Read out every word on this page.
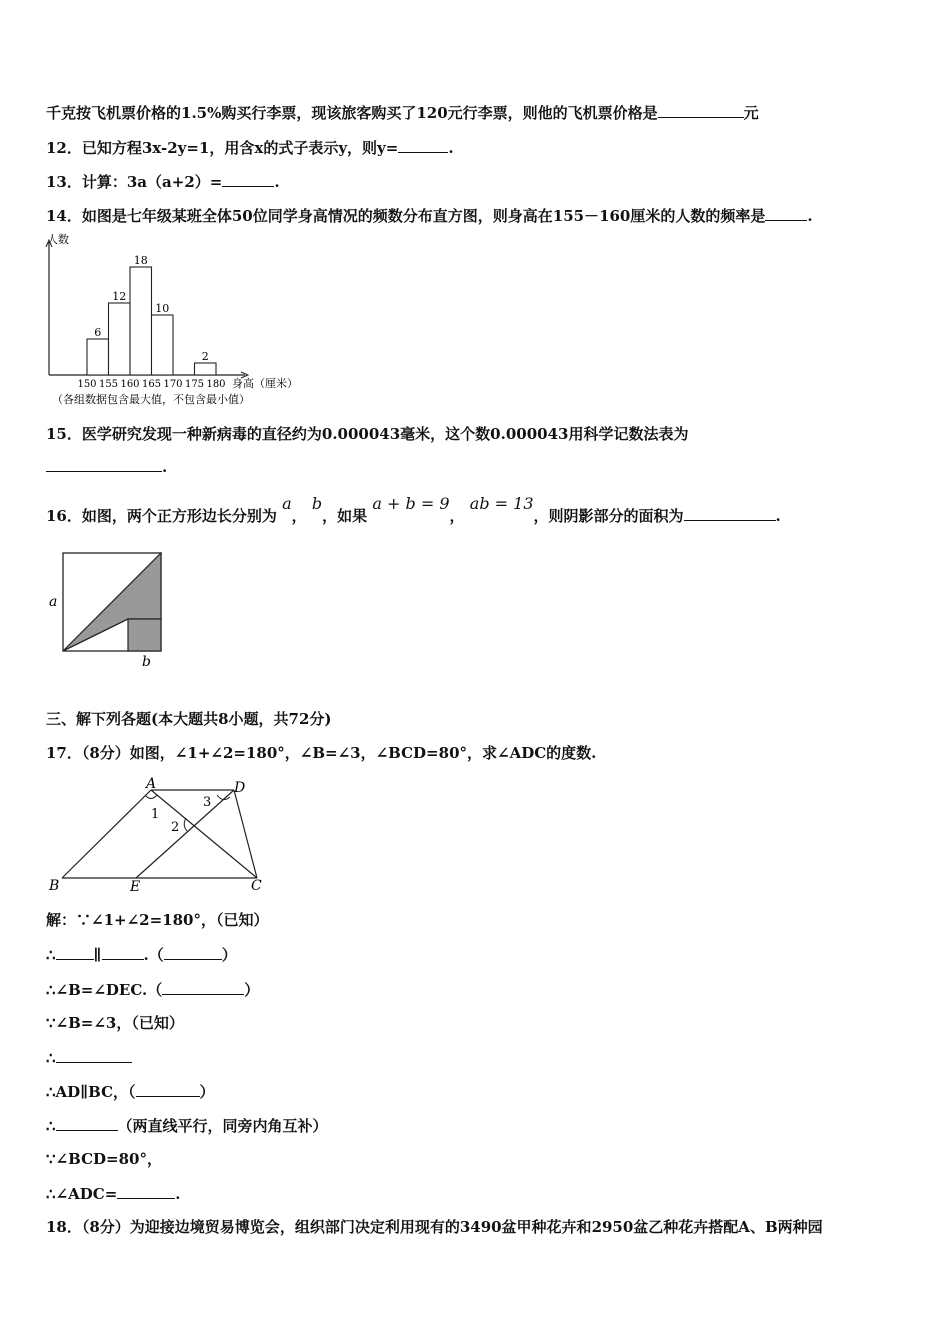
千克按飞机票价格的1.5%购买行李票，现该旅客购买了120元行李票，则他的飞机票价格是	元
12．已知方程3x-2y=1，用含x的式子表示y，则y=	.
13．计算：3a（a+2）=	.
14．如图是七年级某班全体50位同学身高情况的频数分布直方图，则身高在155－160厘米的人数的频率是	.
人数
身高（厘米）
6
12
18
10
2
150 155 160 165 170 175 180
（各组数据包含最大值，不包含最小值）
15．医学研究发现一种新病毒的直径约为0.000043毫米，这个数0.000043用科学记数法表为
.
16．如图，两个正方形边长分别为 a， b，如果 a + b = 9， ab = 13，则阴影部分的面积为	.
a
b
三、解下列各题(本大题共8小题，共72分)
17．（8分）如图，∠1+∠2=180°，∠B=∠3，∠BCD=80°，求∠ADC的度数.
A	D
B	E	C
1
2
3
解：∵∠1+∠2=180°，（已知）
∴	∥	.（	）
∴∠B=∠DEC.（	）
∵∠B=∠3，（已知）
∴
∴AD∥BC，（	）
∴	（两直线平行，同旁内角互补）
∵∠BCD=80°，
∴∠ADC=	.
18．（8分）为迎接边境贸易博览会，组织部门决定利用现有的3490盆甲种花卉和2950盆乙种花卉搭配A、B两种园
